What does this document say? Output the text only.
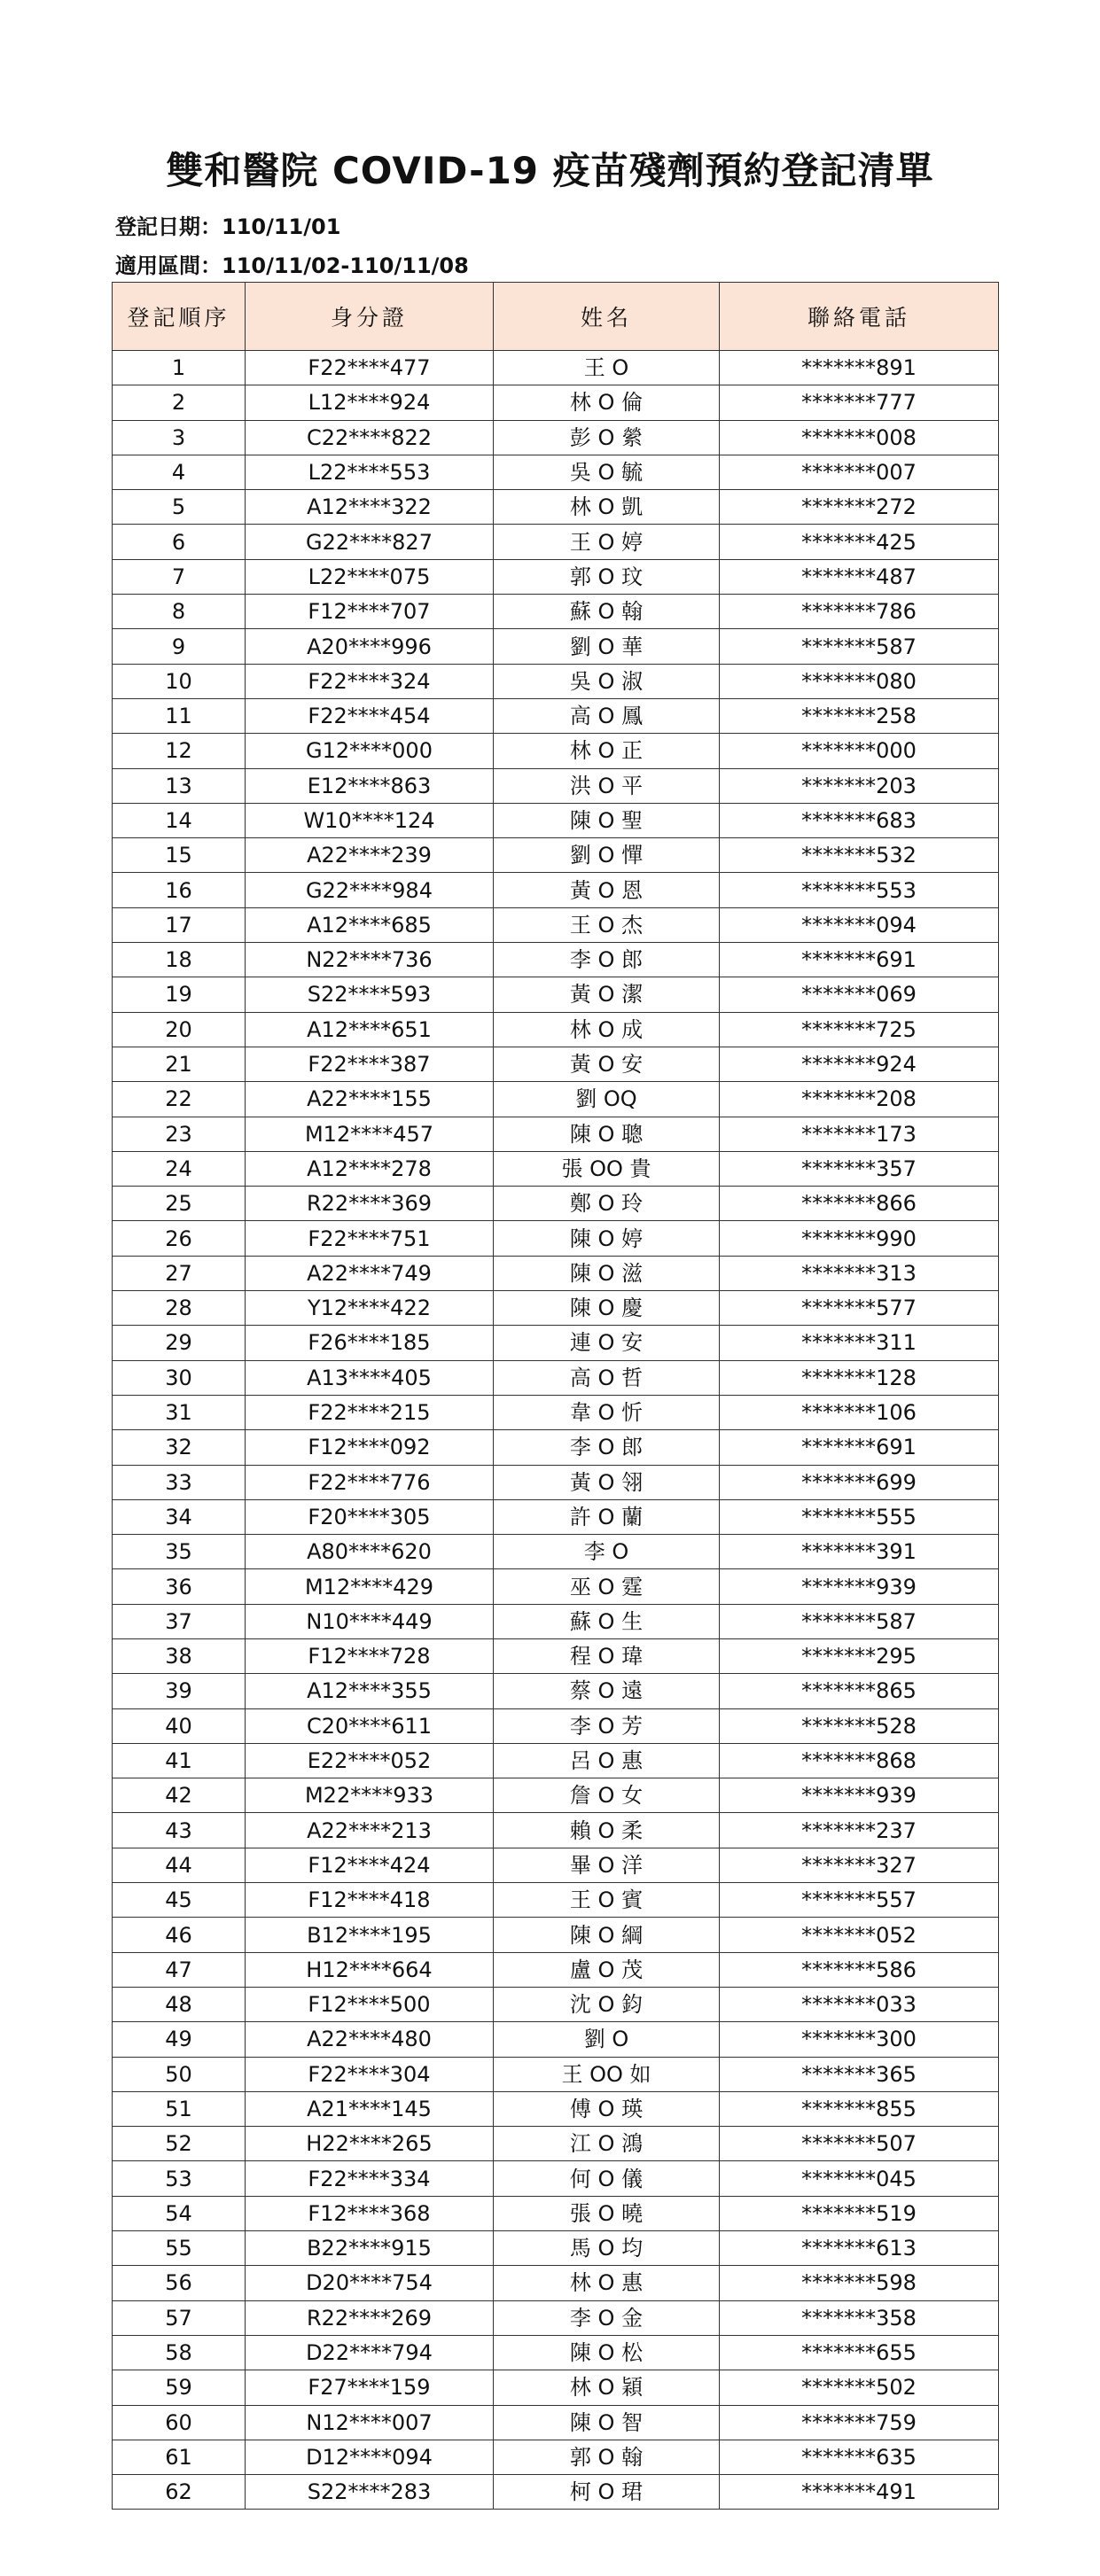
雙和醫院 COVID-19 疫苗殘劑預約登記清單
登記日期：110/11/01
適用區間：110/11/02-110/11/08
登記順序	身分證	姓名	聯絡電話
1	F22****477	王 O	*******891
2	L12****924	林 O 倫	*******777
3	C22****822	彭 O 縈	*******008
4	L22****553	吳 O 毓	*******007
5	A12****322	林 O 凱	*******272
6	G22****827	王 O 婷	*******425
7	L22****075	郭 O 玟	*******487
8	F12****707	蘇 O 翰	*******786
9	A20****996	劉 O 華	*******587
10	F22****324	吳 O 淑	*******080
11	F22****454	高 O 鳳	*******258
12	G12****000	林 O 正	*******000
13	E12****863	洪 O 平	*******203
14	W10****124	陳 O 聖	*******683
15	A22****239	劉 O 憚	*******532
16	G22****984	黃 O 恩	*******553
17	A12****685	王 O 杰	*******094
18	N22****736	李 O 郎	*******691
19	S22****593	黃 O 潔	*******069
20	A12****651	林 O 成	*******725
21	F22****387	黃 O 安	*******924
22	A22****155	劉 OQ	*******208
23	M12****457	陳 O 聰	*******173
24	A12****278	張 OO 貴	*******357
25	R22****369	鄭 O 玲	*******866
26	F22****751	陳 O 婷	*******990
27	A22****749	陳 O 滋	*******313
28	Y12****422	陳 O 慶	*******577
29	F26****185	連 O 安	*******311
30	A13****405	高 O 哲	*******128
31	F22****215	韋 O 忻	*******106
32	F12****092	李 O 郎	*******691
33	F22****776	黃 O 翎	*******699
34	F20****305	許 O 蘭	*******555
35	A80****620	李 O	*******391
36	M12****429	巫 O 霆	*******939
37	N10****449	蘇 O 生	*******587
38	F12****728	程 O 瑋	*******295
39	A12****355	蔡 O 遠	*******865
40	C20****611	李 O 芳	*******528
41	E22****052	呂 O 惠	*******868
42	M22****933	詹 O 女	*******939
43	A22****213	賴 O 柔	*******237
44	F12****424	畢 O 洋	*******327
45	F12****418	王 O 賓	*******557
46	B12****195	陳 O 綱	*******052
47	H12****664	盧 O 茂	*******586
48	F12****500	沈 O 鈞	*******033
49	A22****480	劉 O	*******300
50	F22****304	王 OO 如	*******365
51	A21****145	傅 O 瑛	*******855
52	H22****265	江 O 鴻	*******507
53	F22****334	何 O 儀	*******045
54	F12****368	張 O 曉	*******519
55	B22****915	馬 O 均	*******613
56	D20****754	林 O 惠	*******598
57	R22****269	李 O 金	*******358
58	D22****794	陳 O 松	*******655
59	F27****159	林 O 穎	*******502
60	N12****007	陳 O 智	*******759
61	D12****094	郭 O 翰	*******635
62	S22****283	柯 O 珺	*******491
